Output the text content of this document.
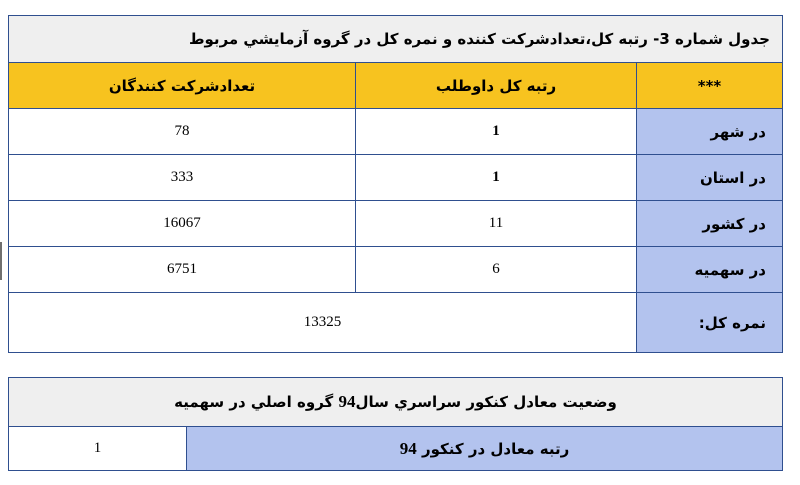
جدول شماره 3- رتبه کل،تعدادشرکت کننده و نمره کل در گروه آزمايشي مربوط		
***	رتبه کل داوطلب	تعدادشرکت کنندگان
در شهر	1	78
در استان	1	333
در کشور	11	16067
در سهميه	6	6751
نمره کل:	13325	
وضعيت معادل کنكور سراسري سال94 گروه اصلي در سهميه
رتبه معادل در كنكور 94	1
